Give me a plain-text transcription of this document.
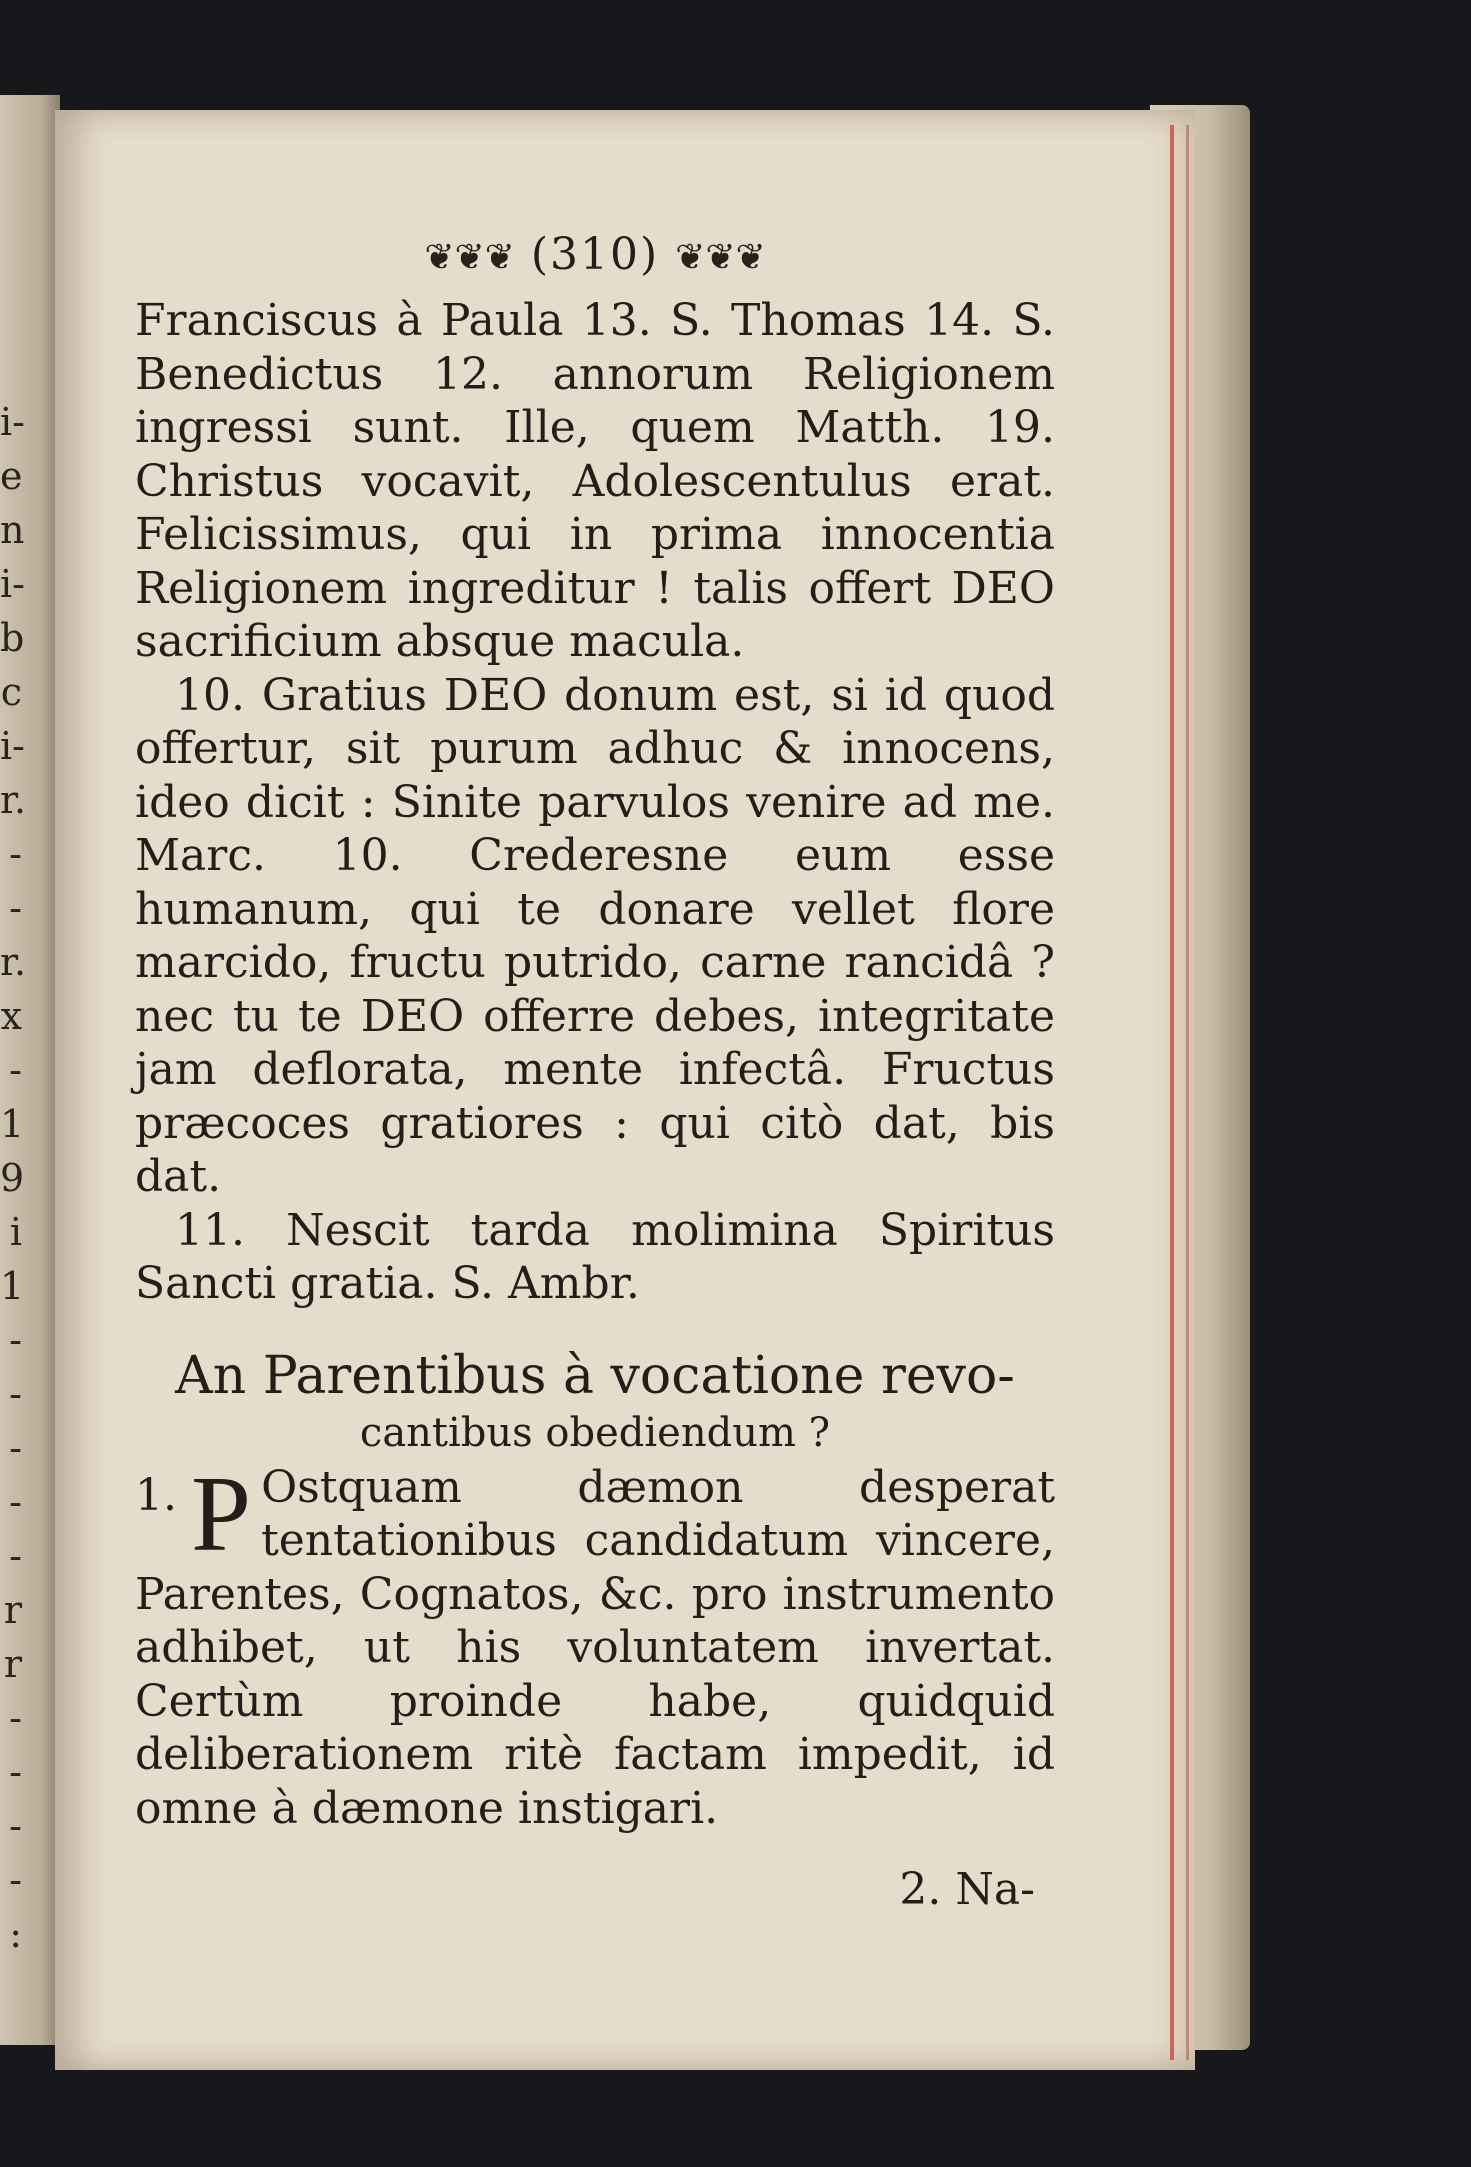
i-
e
n
i-
b
c
i-
r.
-
-
r.
x
-
1
9
i
1
-
-
-
-
-
r
r
-
-
-
-
:
❦❦❦ (310) ❦❦❦

Franciscus à Paula 13. S. Thomas 14. S. Benedictus 12. annorum Religionem ingressi sunt. Ille, quem Matth. 19. Christus vocavit, Adolescentulus erat. Felicissimus, qui in prima innocentia Religionem ingreditur ! talis offert DEO sacrificium absque macula.

10. Gratius DEO donum est, si id quod offertur, sit purum adhuc & innocens, ideo dicit : Sinite parvulos venire ad me. Marc. 10. Crederesne eum esse humanum, qui te donare vellet flore marcido, fructu putrido, carne rancidâ ? nec tu te DEO offerre debes, integritate jam deflorata, mente infectâ. Fructus præcoces gratiores : qui citò dat, bis dat.

11. Nescit tarda molimina Spiritus Sancti gratia. S. Ambr.

An Parentibus à vocatione revo-
cantibus obediendum ?

1. P Ostquam dæmon desperat tentationibus candidatum vincere, Parentes, Cognatos, &c. pro instrumento adhibet, ut his voluntatem invertat. Certùm proinde habe, quidquid deliberationem ritè factam impedit, id omne à dæmone instigari.

2. Na-
